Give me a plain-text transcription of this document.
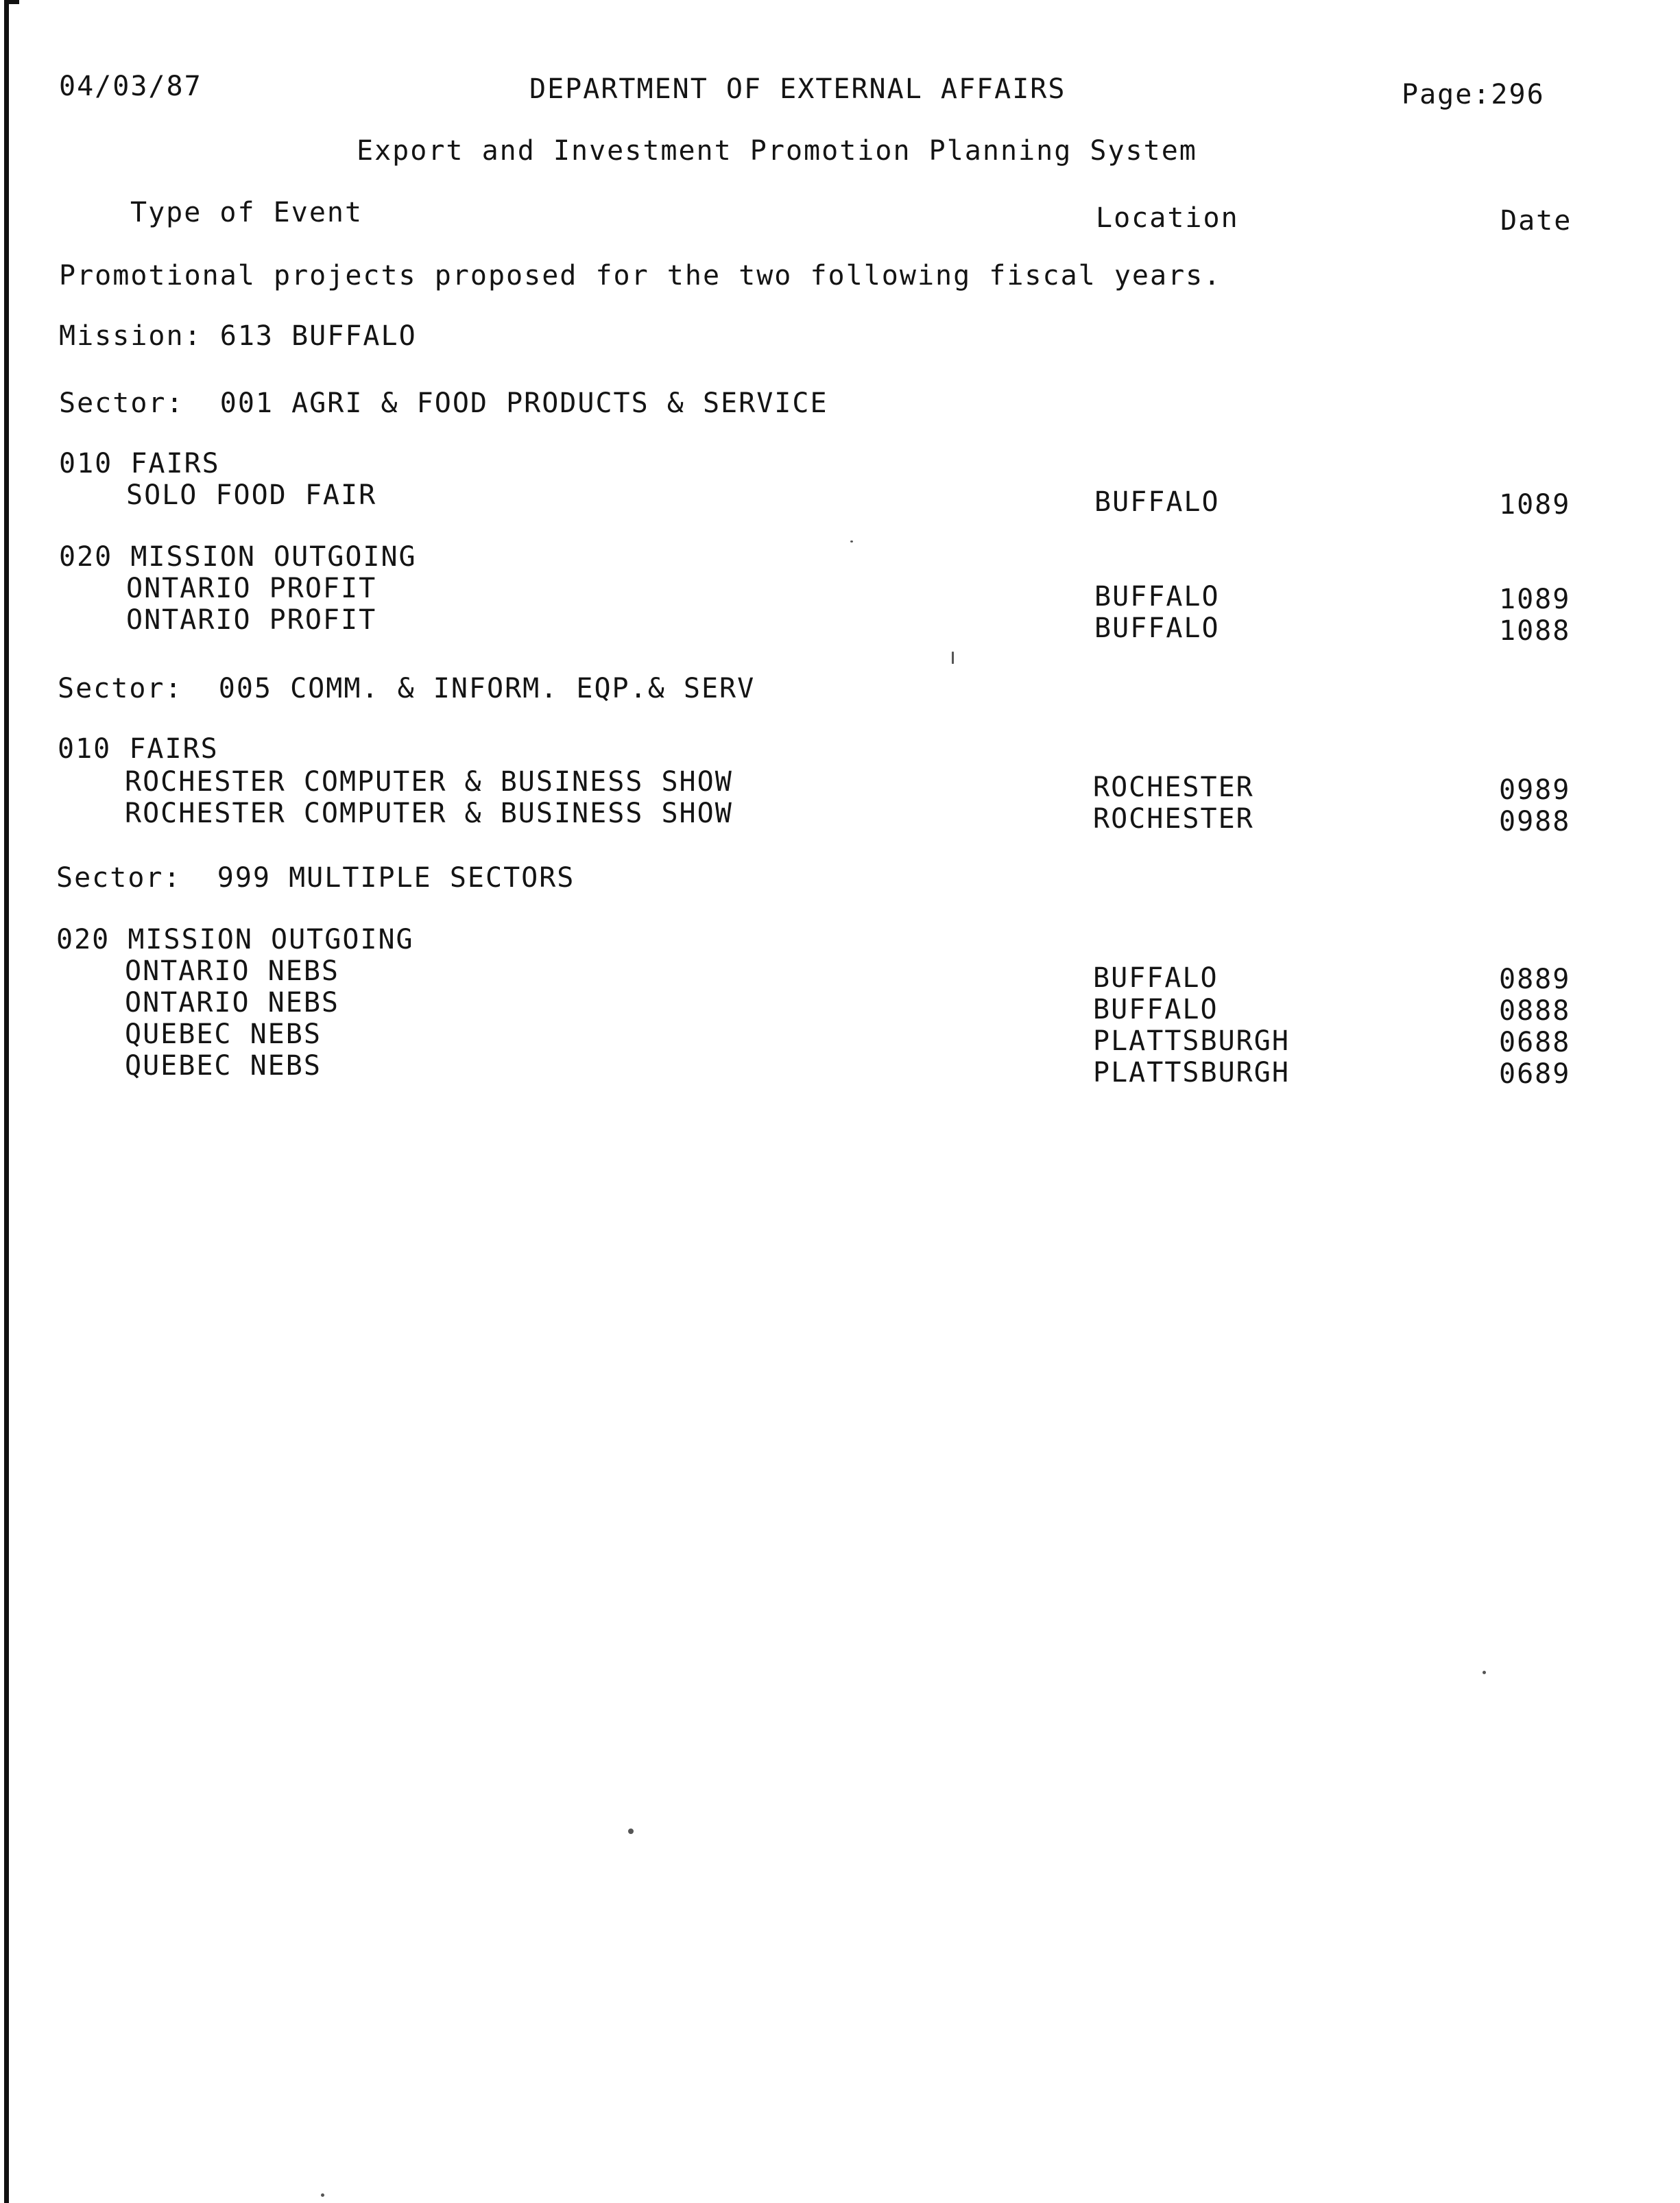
04/03/87	DEPARTMENT OF EXTERNAL AFFAIRS	Page:296
Export and Investment Promotion Planning System
Type of Event	Location	Date
Promotional projects proposed for the two following fiscal years.
Mission: 613 BUFFALO
Sector: 001 AGRI & FOOD PRODUCTS & SERVICE
010 FAIRS
SOLO FOOD FAIR	BUFFALO	1089
020 MISSION OUTGOING
ONTARIO PROFIT	BUFFALO	1089
ONTARIO PROFIT	BUFFALO	1088
Sector: 005 COMM. & INFORM. EQP.& SERV
010 FAIRS
ROCHESTER COMPUTER & BUSINESS SHOW	ROCHESTER	0989
ROCHESTER COMPUTER & BUSINESS SHOW	ROCHESTER	0988
Sector: 999 MULTIPLE SECTORS
020 MISSION OUTGOING
ONTARIO NEBS	BUFFALO	0889
ONTARIO NEBS	BUFFALO	0888
QUEBEC NEBS	PLATTSBURGH	0688
QUEBEC NEBS	PLATTSBURGH	0689
